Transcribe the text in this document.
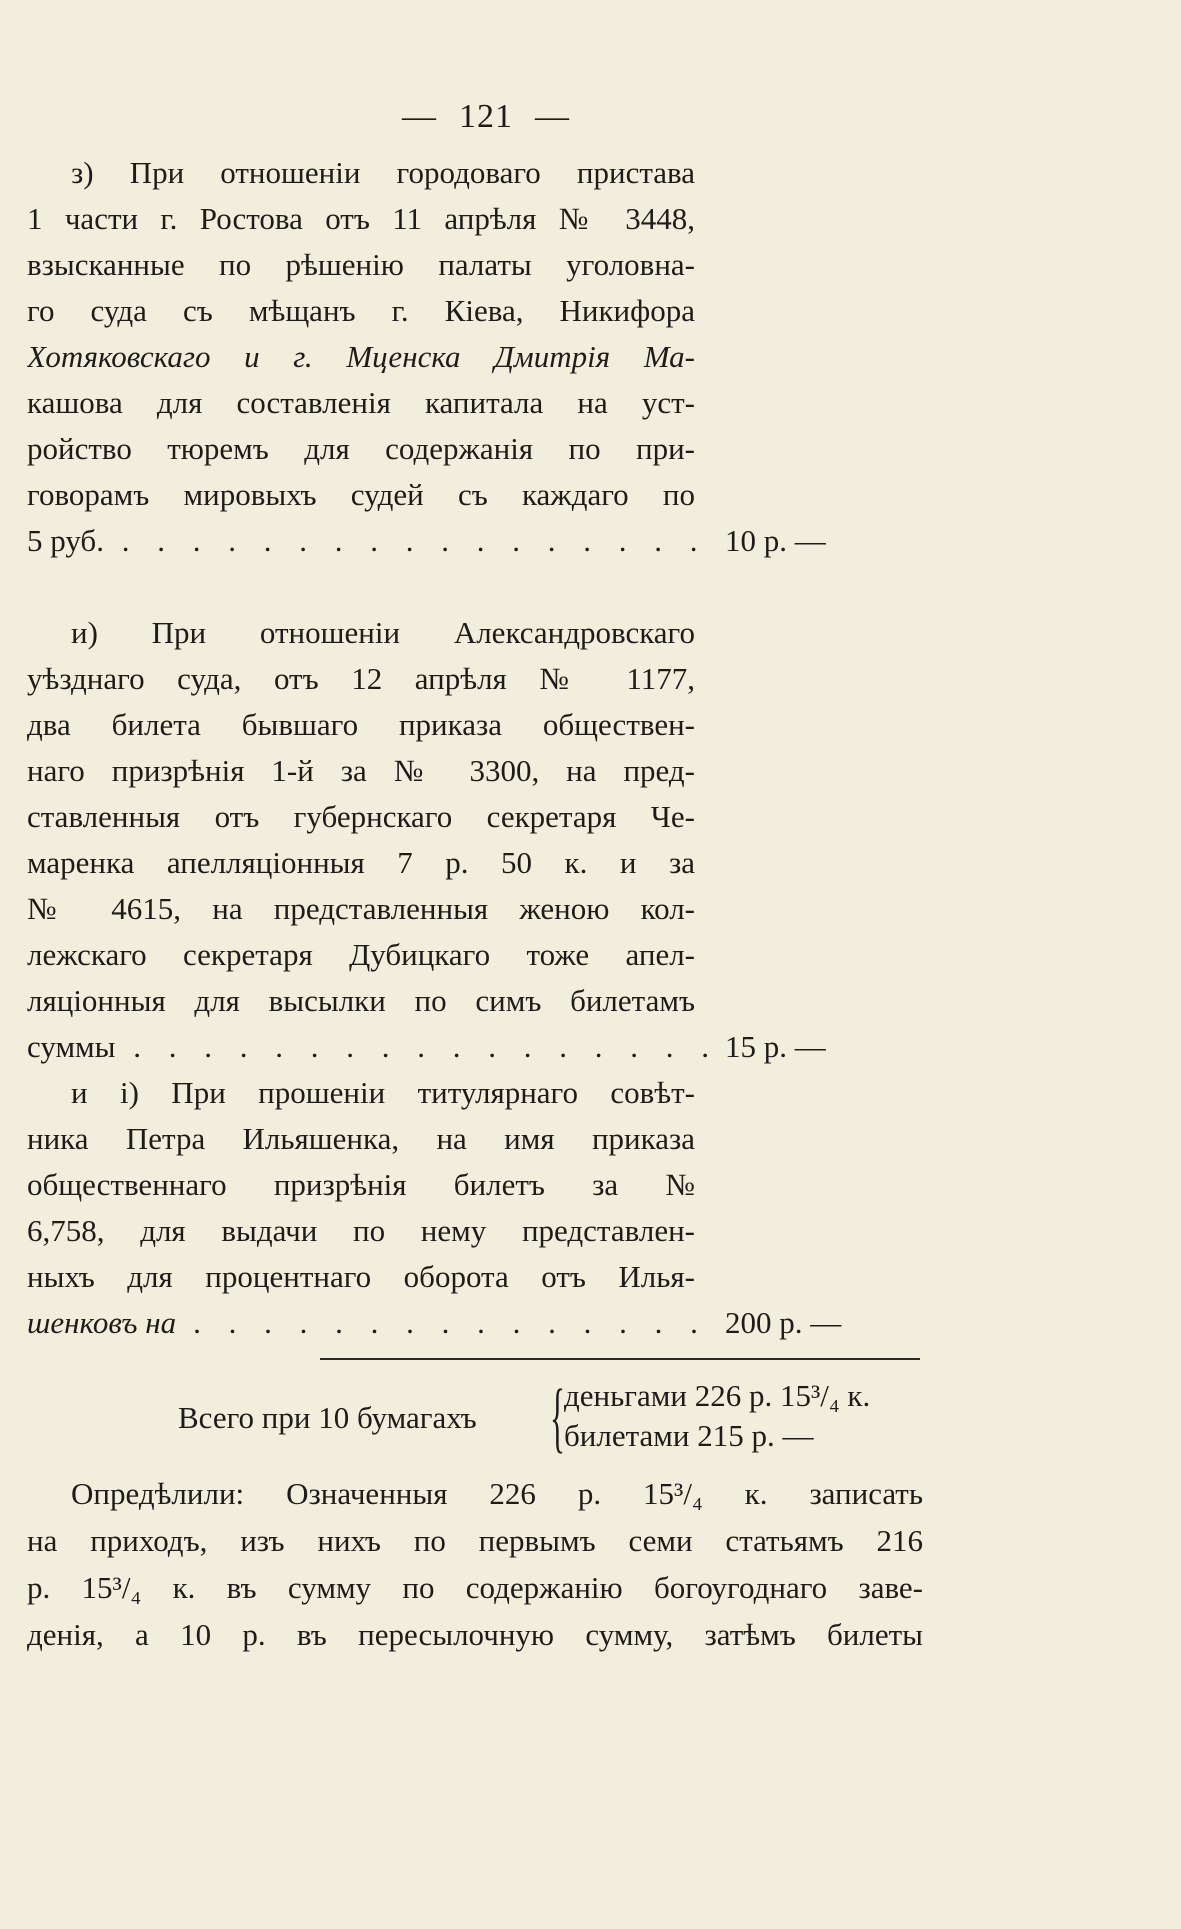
— 121 —
з) При отношеніи городоваго пристава
1 части г. Ростова отъ 11 апрѣля № 3448,
взысканные по рѣшенію палаты уголовна-
го суда съ мѣщанъ г. Кіева, Никифора
Хотяковскаго и г. Мценска Дмитрія Ма-
кашова для составленія капитала на уст-
ройство тюремъ для содержанія по при-
говорамъ мировыхъ судей съ каждаго по
5 руб. . . .	10 р. —
и) При отношеніи Александровскаго
уѣзднаго суда, отъ 12 апрѣля № 1177,
два билета бывшаго приказа обществен-
наго призрѣнія 1-й за № 3300, на пред-
ставленныя отъ губернскаго секретаря Че-
маренка апелляціонныя 7 р. 50 к. и за
№ 4615, на представленныя женою кол-
лежскаго секретаря Дубицкаго тоже апел-
ляціонныя для высылки по симъ билетамъ
суммы . . .	15 р. —
и і) При прошеніи титулярнаго совѣт-
ника Петра Ильяшенка, на имя приказа
общественнаго призрѣнія билетъ за №
6,758, для выдачи по нему представлен-
ныхъ для процентнаго оборота отъ Илья-
шенковъ на . . .	200 р. —
Всего при 10 бумагахъ { деньгами 226 р. 15³/₄ к.
билетами 215 р. —
Опредѣлили: Означенныя 226 р. 15³/₄ к. записать
на приходъ, изъ нихъ по первымъ семи статьямъ 216
р. 15³/₄ к. въ сумму по содержанію богоугоднаго заве-
денія, а 10 р. въ пересылочную сумму, затѣмъ билеты
